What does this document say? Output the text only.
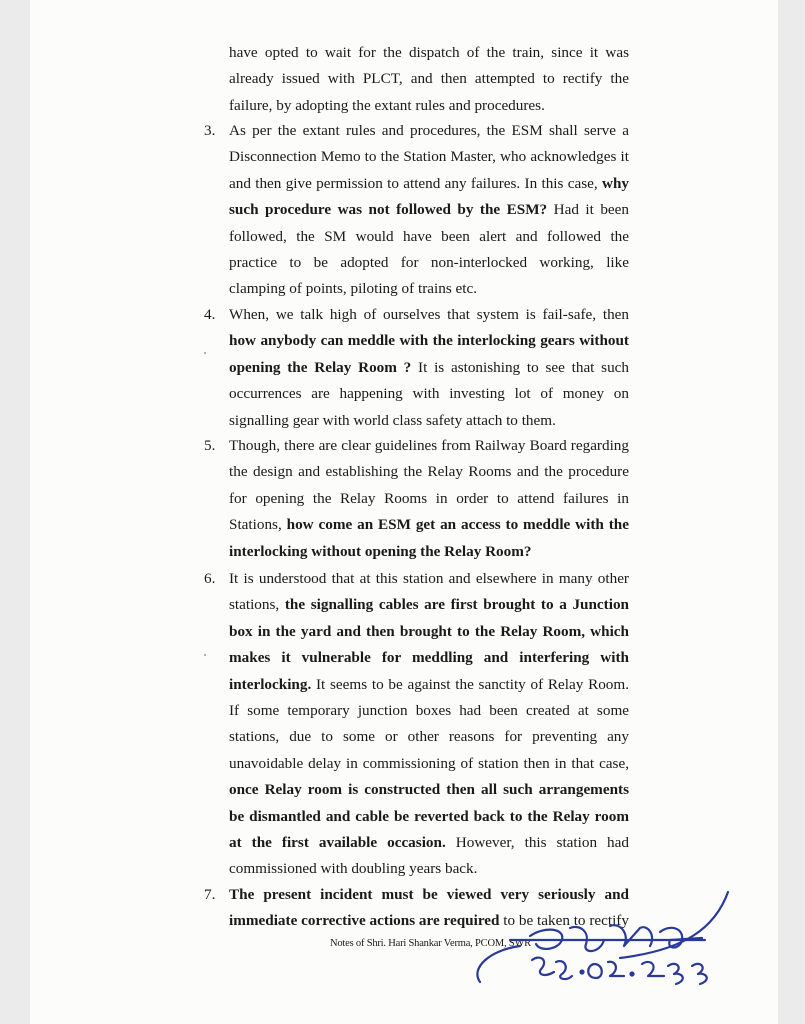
have opted to wait for the dispatch of the train, since it was already issued with PLCT, and then attempted to rectify the failure, by adopting the extant rules and procedures.

3. As per the extant rules and procedures, the ESM shall serve a Disconnection Memo to the Station Master, who acknowledges it and then give permission to attend any failures. In this case, why such procedure was not followed by the ESM? Had it been followed, the SM would have been alert and followed the practice to be adopted for non-interlocked working, like clamping of points, piloting of trains etc.
4. When, we talk high of ourselves that system is fail-safe, then how anybody can meddle with the interlocking gears without opening the Relay Room ? It is astonishing to see that such occurrences are happening with investing lot of money on signalling gear with world class safety attach to them.
5. Though, there are clear guidelines from Railway Board regarding the design and establishing the Relay Rooms and the procedure for opening the Relay Rooms in order to attend failures in Stations, how come an ESM get an access to meddle with the interlocking without opening the Relay Room?
6. It is understood that at this station and elsewhere in many other stations, the signalling cables are first brought to a Junction box in the yard and then brought to the Relay Room, which makes it vulnerable for meddling and interfering with interlocking. It seems to be against the sanctity of Relay Room. If some temporary junction boxes had been created at some stations, due to some or other reasons for preventing any unavoidable delay in commissioning of station then in that case, once Relay room is constructed then all such arrangements be dismantled and cable be reverted back to the Relay room at the first available occasion. However, this station had commissioned with doubling years back.
7. The present incident must be viewed very seriously and immediate corrective actions are required to be taken to rectify
Notes of Shri. Hari Shankar Verma, PCOM, SWR
